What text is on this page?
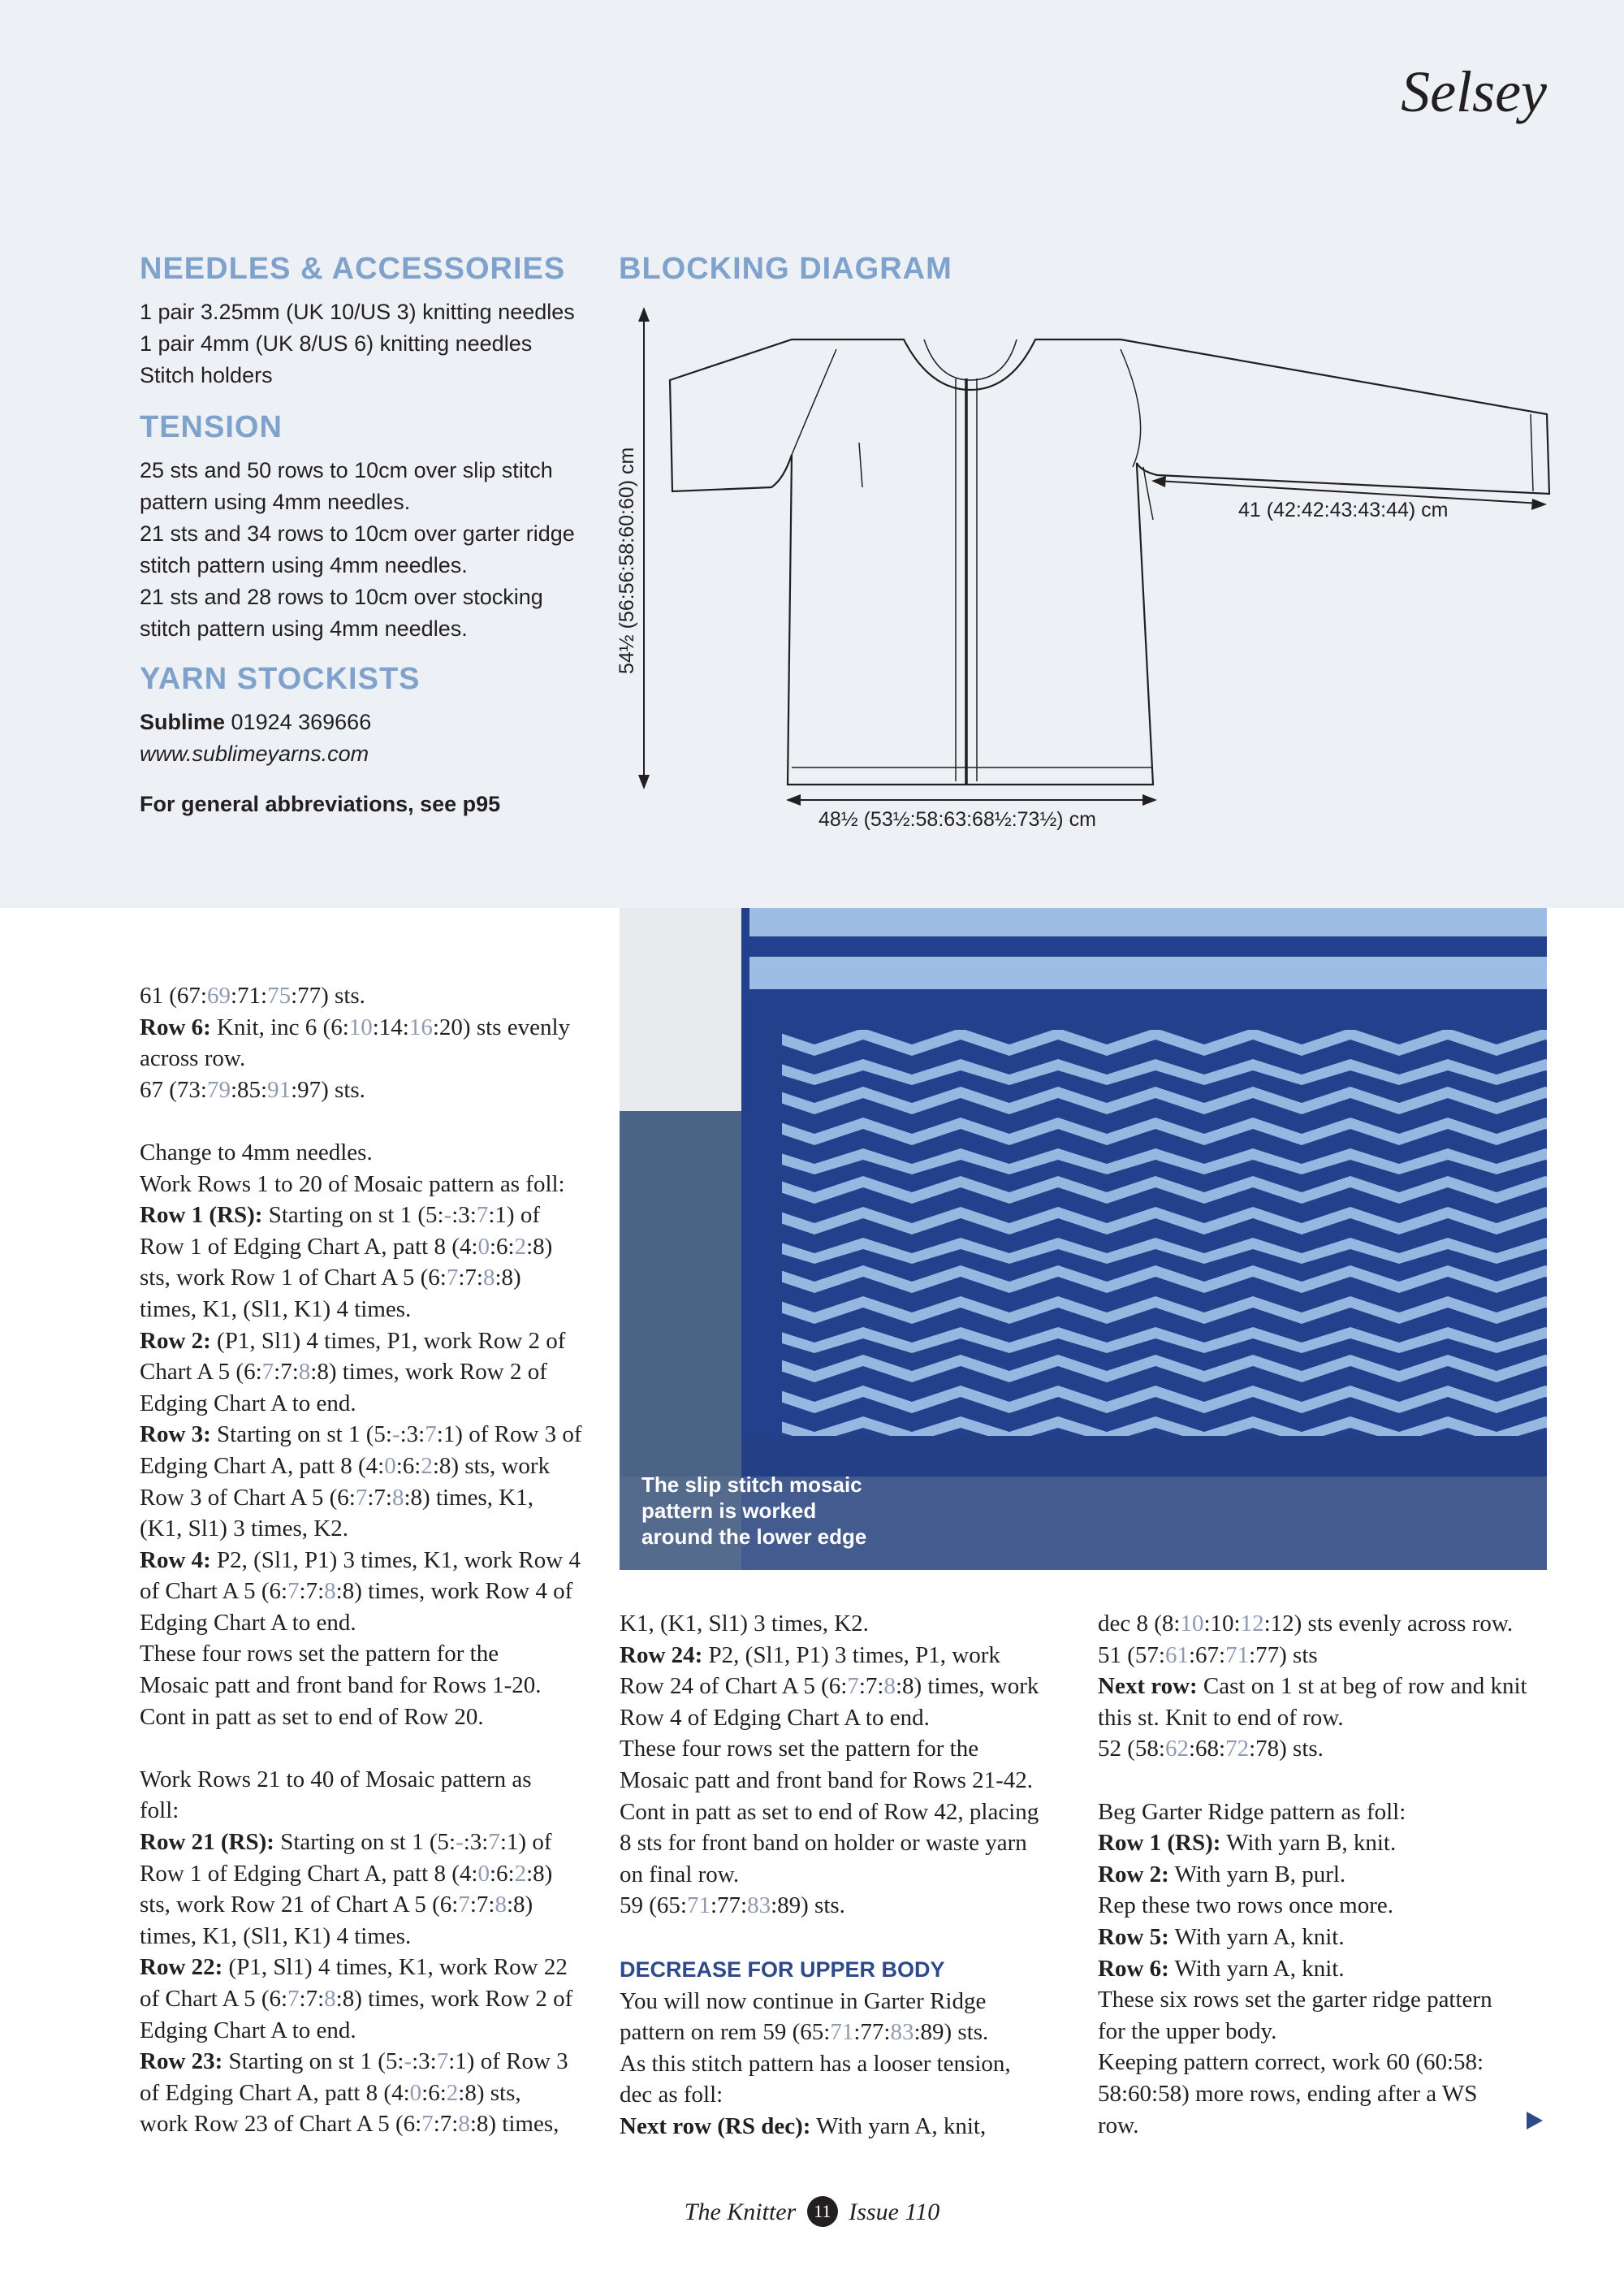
Selsey
NEEDLES & ACCESSORIES
1 pair 3.25mm (UK 10/US 3) knitting needles
1 pair 4mm (UK 8/US 6) knitting needles
Stitch holders
TENSION
25 sts and 50 rows to 10cm over slip stitch
pattern using 4mm needles.
21 sts and 34 rows to 10cm over garter ridge
stitch pattern using 4mm needles.
21 sts and 28 rows to 10cm over stocking
stitch pattern using 4mm needles.
YARN STOCKISTS
Sublime 01924 369666
www.sublimeyarns.com
For general abbreviations, see p95
BLOCKING DIAGRAM
54½ (56:56:58:60:60) cm
48½ (53½:58:63:68½:73½) cm
41 (42:42:43:43:44) cm
The slip stitch mosaic
pattern is worked
around the lower edge

61 (67:69:71:75:77) sts.

Row 6: Knit, inc 6 (6:10:14:16:20) sts evenly

across row.

67 (73:79:85:91:97) sts.

Change to 4mm needles.

Work Rows 1 to 20 of Mosaic pattern as foll:

Row 1 (RS): Starting on st 1 (5:-:3:7:1) of

Row 1 of Edging Chart A, patt 8 (4:0:6:2:8)

sts, work Row 1 of Chart A 5 (6:7:7:8:8)

times, K1, (Sl1, K1) 4 times.

Row 2: (P1, Sl1) 4 times, P1, work Row 2 of

Chart A 5 (6:7:7:8:8) times, work Row 2 of

Edging Chart A to end.

Row 3: Starting on st 1 (5:-:3:7:1) of Row 3 of

Edging Chart A, patt 8 (4:0:6:2:8) sts, work

Row 3 of Chart A 5 (6:7:7:8:8) times, K1,

(K1, Sl1) 3 times, K2.

Row 4: P2, (Sl1, P1) 3 times, K1, work Row 4

of Chart A 5 (6:7:7:8:8) times, work Row 4 of

Edging Chart A to end.

These four rows set the pattern for the

Mosaic patt and front band for Rows 1-20.

Cont in patt as set to end of Row 20.

Work Rows 21 to 40 of Mosaic pattern as

foll:

Row 21 (RS): Starting on st 1 (5:-:3:7:1) of

Row 1 of Edging Chart A, patt 8 (4:0:6:2:8)

sts, work Row 21 of Chart A 5 (6:7:7:8:8)

times, K1, (Sl1, K1) 4 times.

Row 22: (P1, Sl1) 4 times, K1, work Row 22

of Chart A 5 (6:7:7:8:8) times, work Row 2 of

Edging Chart A to end.

Row 23: Starting on st 1 (5:-:3:7:1) of Row 3

of Edging Chart A, patt 8 (4:0:6:2:8) sts,

work Row 23 of Chart A 5 (6:7:7:8:8) times,

K1, (K1, Sl1) 3 times, K2.

Row 24: P2, (Sl1, P1) 3 times, P1, work

Row 24 of Chart A 5 (6:7:7:8:8) times, work

Row 4 of Edging Chart A to end.

These four rows set the pattern for the

Mosaic patt and front band for Rows 21-42.

Cont in patt as set to end of Row 42, placing

8 sts for front band on holder or waste yarn

on final row.

59 (65:71:77:83:89) sts.

DECREASE FOR UPPER BODY

You will now continue in Garter Ridge

pattern on rem 59 (65:71:77:83:89) sts.

As this stitch pattern has a looser tension,

dec as foll:

Next row (RS dec): With yarn A, knit,

dec 8 (8:10:10:12:12) sts evenly across row.

51 (57:61:67:71:77) sts

Next row: Cast on 1 st at beg of row and knit

this st. Knit to end of row.

52 (58:62:68:72:78) sts.

Beg Garter Ridge pattern as foll:

Row 1 (RS): With yarn B, knit.

Row 2: With yarn B, purl.

Rep these two rows once more.

Row 5: With yarn A, knit.

Row 6: With yarn A, knit.

These six rows set the garter ridge pattern

for the upper body.

Keeping pattern correct, work 60 (60:58:

58:60:58) more rows, ending after a WS

row.

The Knitter 11 Issue 110
